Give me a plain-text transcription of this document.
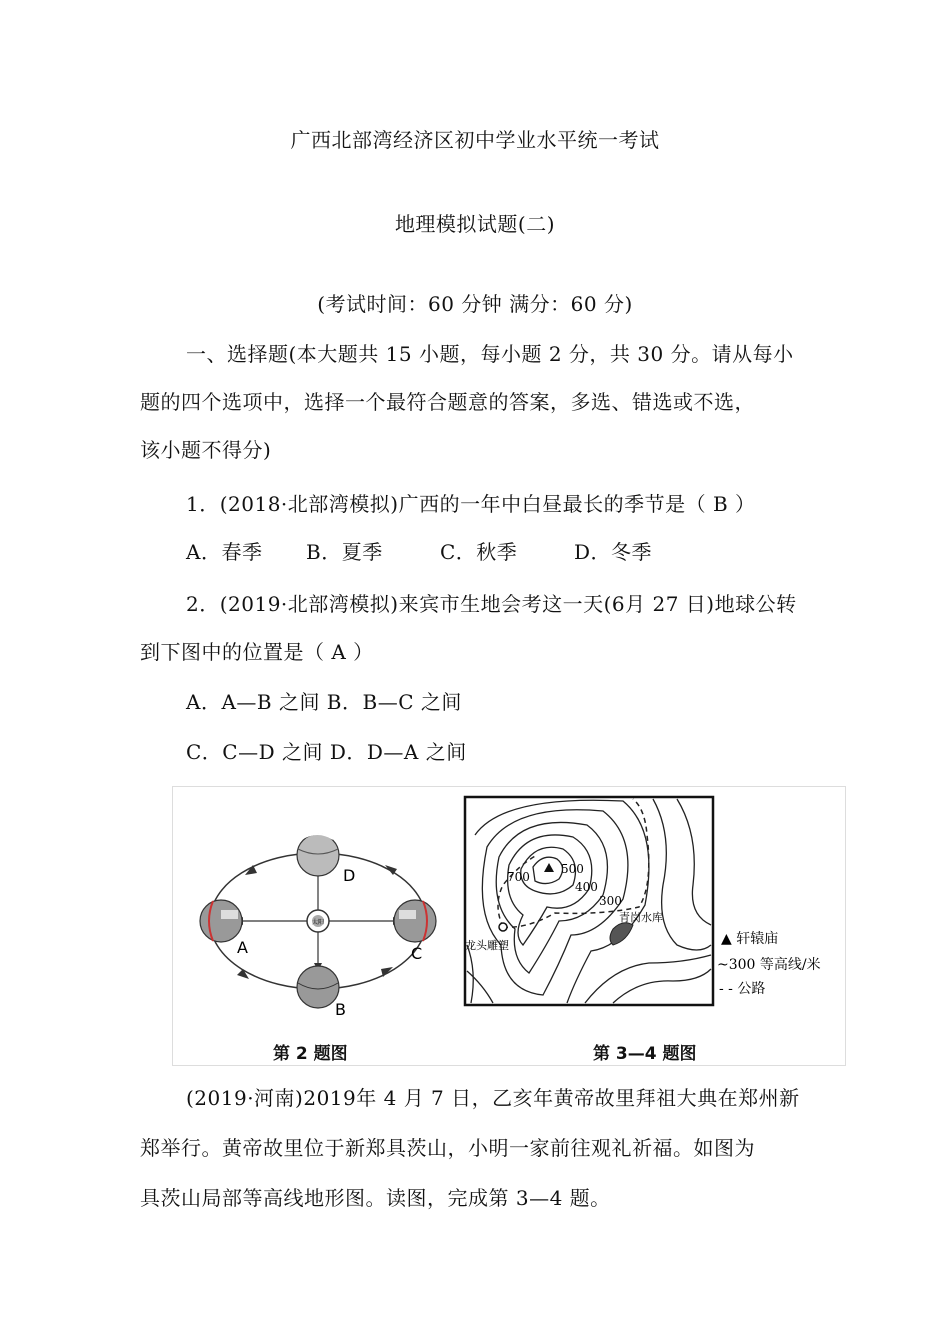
广西北部湾经济区初中学业水平统一考试
地理模拟试题(二)
(考试时间：60 分钟 满分：60 分)
一、选择题(本大题共 15 小题，每小题 2 分，共 30 分。请从每小
题的四个选项中，选择一个最符合题意的答案，多选、错选或不选，
该小题不得分)
1．(2018·北部湾模拟)广西的一年中白昼最长的季节是（ B ）
A．春季 B．夏季	C．秋季	D．冬季
2．(2019·北部湾模拟)来宾市生地会考这一天(6月 27 日)地球公转
到下图中的位置是（ A ）
A．A—B 之间 B．B—C 之间
C．C—D 之间 D．D—A 之间
太阳
D
A	C
B
第 2 题图
700
500
400
300
青岗水库
龙头雕塑	▲ 轩辕庙
~300 等高线/米
- - 公路
第 3—4 题图
(2019·河南)2019年 4 月 7 日，乙亥年黄帝故里拜祖大典在郑州新
郑举行。黄帝故里位于新郑具茨山，小明一家前往观礼祈福。如图为
具茨山局部等高线地形图。读图，完成第 3—4 题。
